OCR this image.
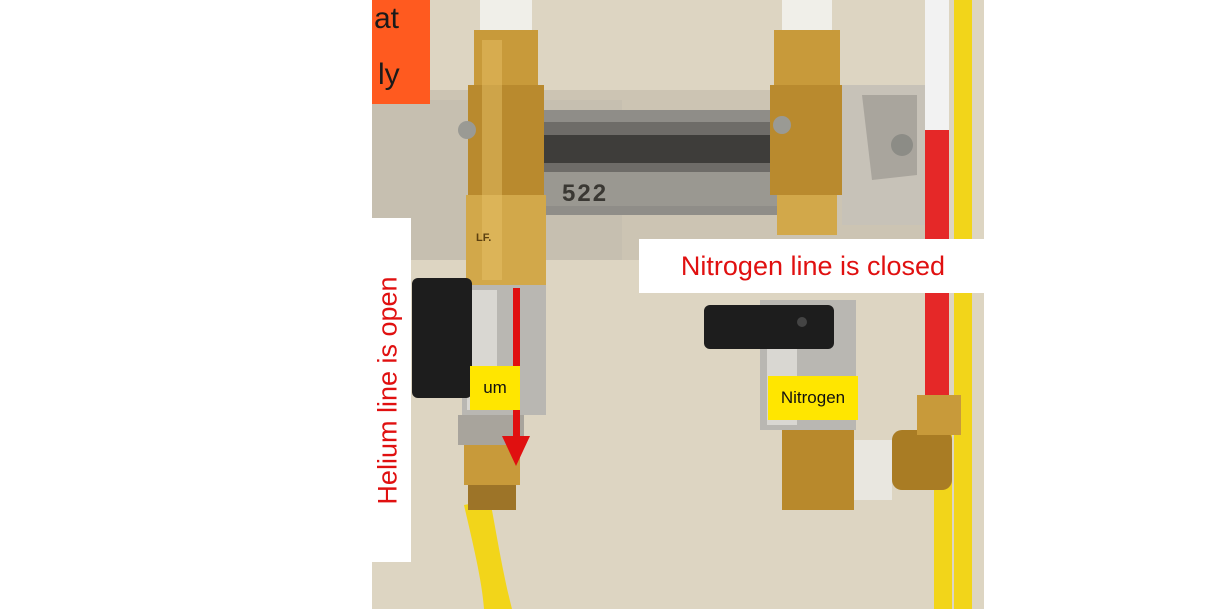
at
ly
522
LF.
Nitrogen
um
Nitrogen line is closed
Helium line is open
